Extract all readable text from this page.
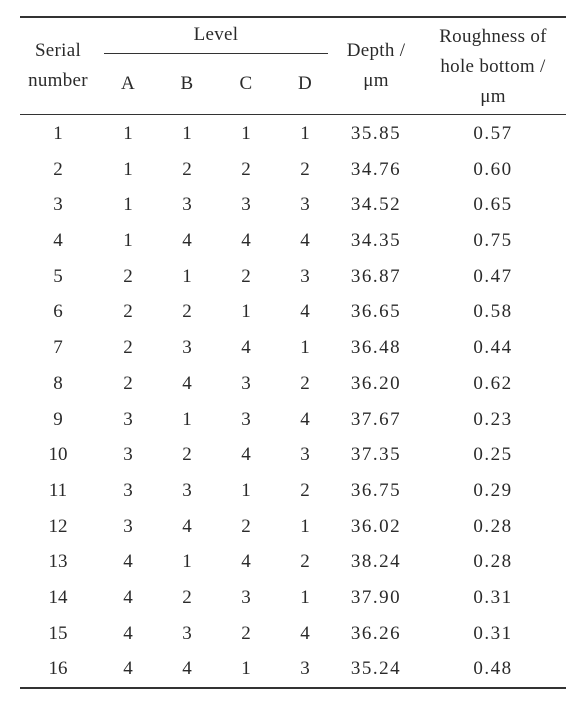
Serial
number
Level
A	B	C	D
Depth /
μm
Roughness of
hole bottom /
μm
1	1	1	1	1	35.85	0.57
2	1	2	2	2	34.76	0.60
3	1	3	3	3	34.52	0.65
4	1	4	4	4	34.35	0.75
5	2	1	2	3	36.87	0.47
6	2	2	1	4	36.65	0.58
7	2	3	4	1	36.48	0.44
8	2	4	3	2	36.20	0.62
9	3	1	3	4	37.67	0.23
10	3	2	4	3	37.35	0.25
11	3	3	1	2	36.75	0.29
12	3	4	2	1	36.02	0.28
13	4	1	4	2	38.24	0.28
14	4	2	3	1	37.90	0.31
15	4	3	2	4	36.26	0.31
16	4	4	1	3	35.24	0.48
